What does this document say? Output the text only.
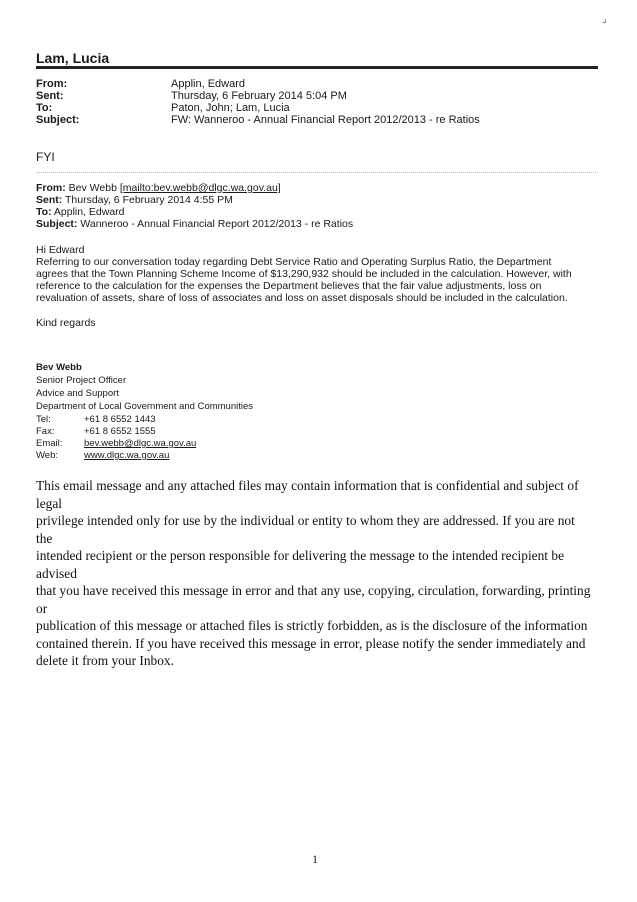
⌟
Lam, Lucia
From:	Applin, Edward
Sent:	Thursday, 6 February 2014 5:04 PM
To:	Paton, John; Lam, Lucia
Subject:	FW: Wanneroo - Annual Financial Report 2012/2013 - re Ratios
FYI
From: Bev Webb [mailto:bev.webb@dlgc.wa.gov.au]
Sent: Thursday, 6 February 2014 4:55 PM
To: Applin, Edward
Subject: Wanneroo - Annual Financial Report 2012/2013 - re Ratios
Hi Edward
Referring to our conversation today regarding Debt Service Ratio and Operating Surplus Ratio, the Department
agrees that the Town Planning Scheme Income of $13,290,932 should be included in the calculation. However, with
reference to the calculation for the expenses the Department believes that the fair value adjustments, loss on
revaluation of assets, share of loss of associates and loss on asset disposals should be included in the calculation.
Kind regards
Bev Webb
Senior Project Officer
Advice and Support
Department of Local Government and Communities
Tel:	+61 8 6552 1443
Fax:	+61 8 6552 1555
Email: bev.webb@dlgc.wa.gov.au
Web:	www.dlgc.wa.gov.au
This email message and any attached files may contain information that is confidential and subject of legal
privilege intended only for use by the individual or entity to whom they are addressed. If you are not the
intended recipient or the person responsible for delivering the message to the intended recipient be advised
that you have received this message in error and that any use, copying, circulation, forwarding, printing or
publication of this message or attached files is strictly forbidden, as is the disclosure of the information
contained therein. If you have received this message in error, please notify the sender immediately and
delete it from your Inbox.
1
